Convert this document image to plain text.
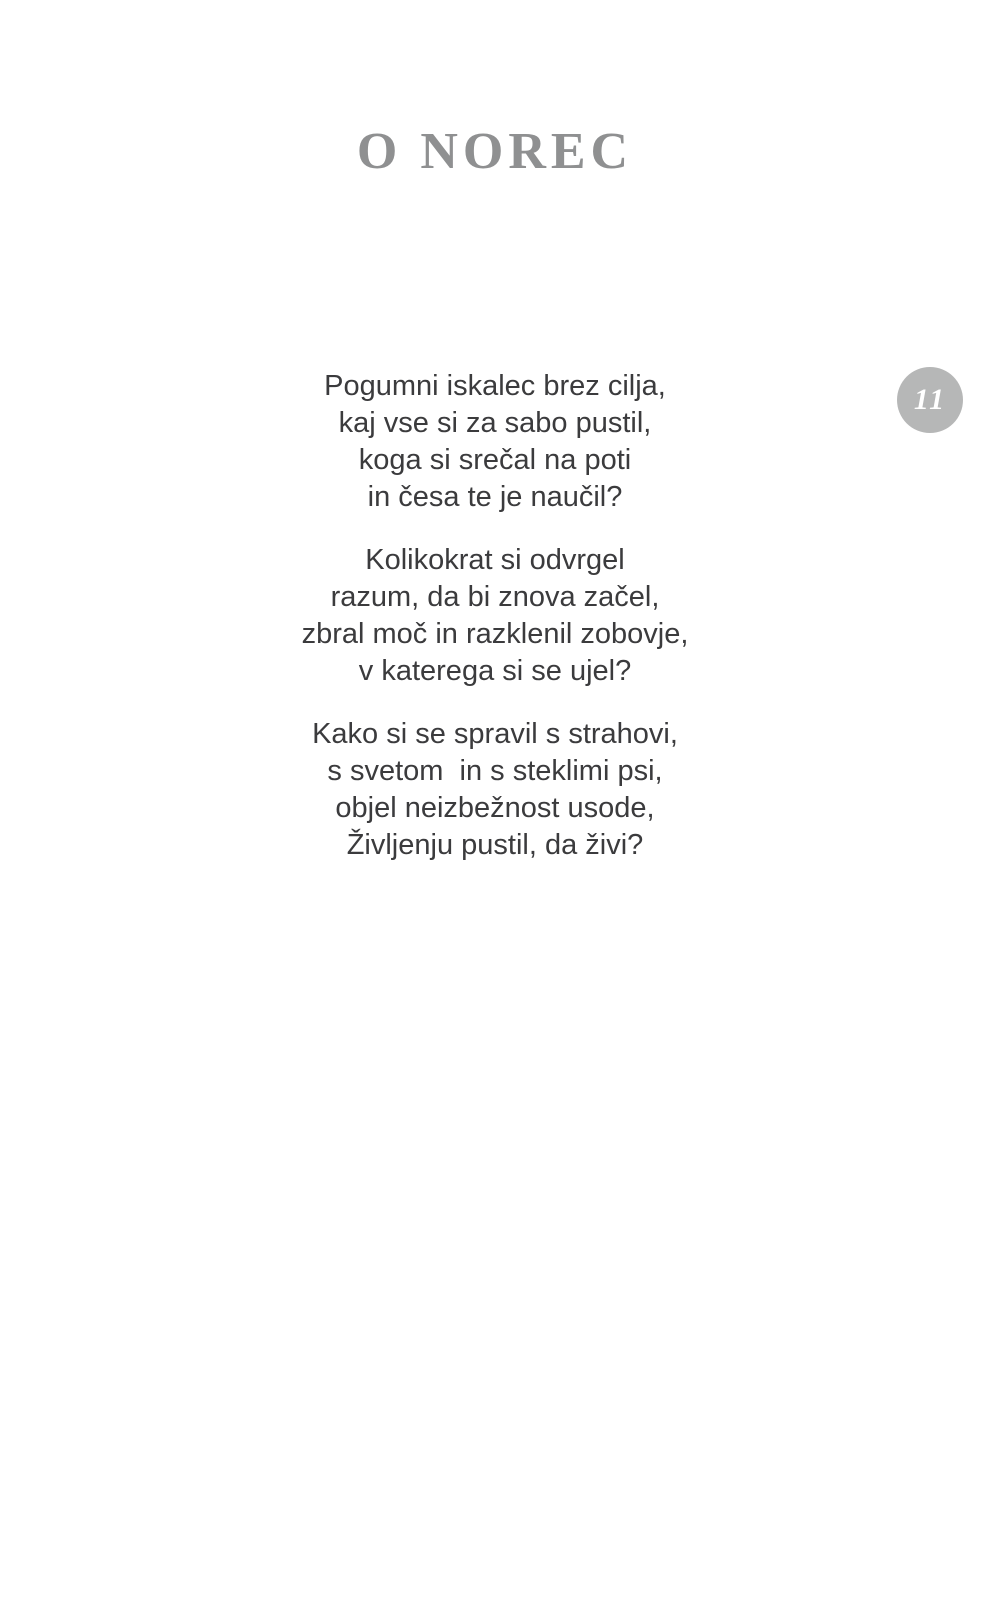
O NOREC
11

Pogumni iskalec brez cilja,
kaj vse si za sabo pustil,
koga si srečal na poti
in česa te je naučil?

Kolikokrat si odvrgel
razum, da bi znova začel,
zbral moč in razklenil zobovje,
v katerega si se ujel?

Kako si se spravil s strahovi,
s svetom  in s steklimi psi,
objel neizbežnost usode,
Življenju pustil, da živi?
